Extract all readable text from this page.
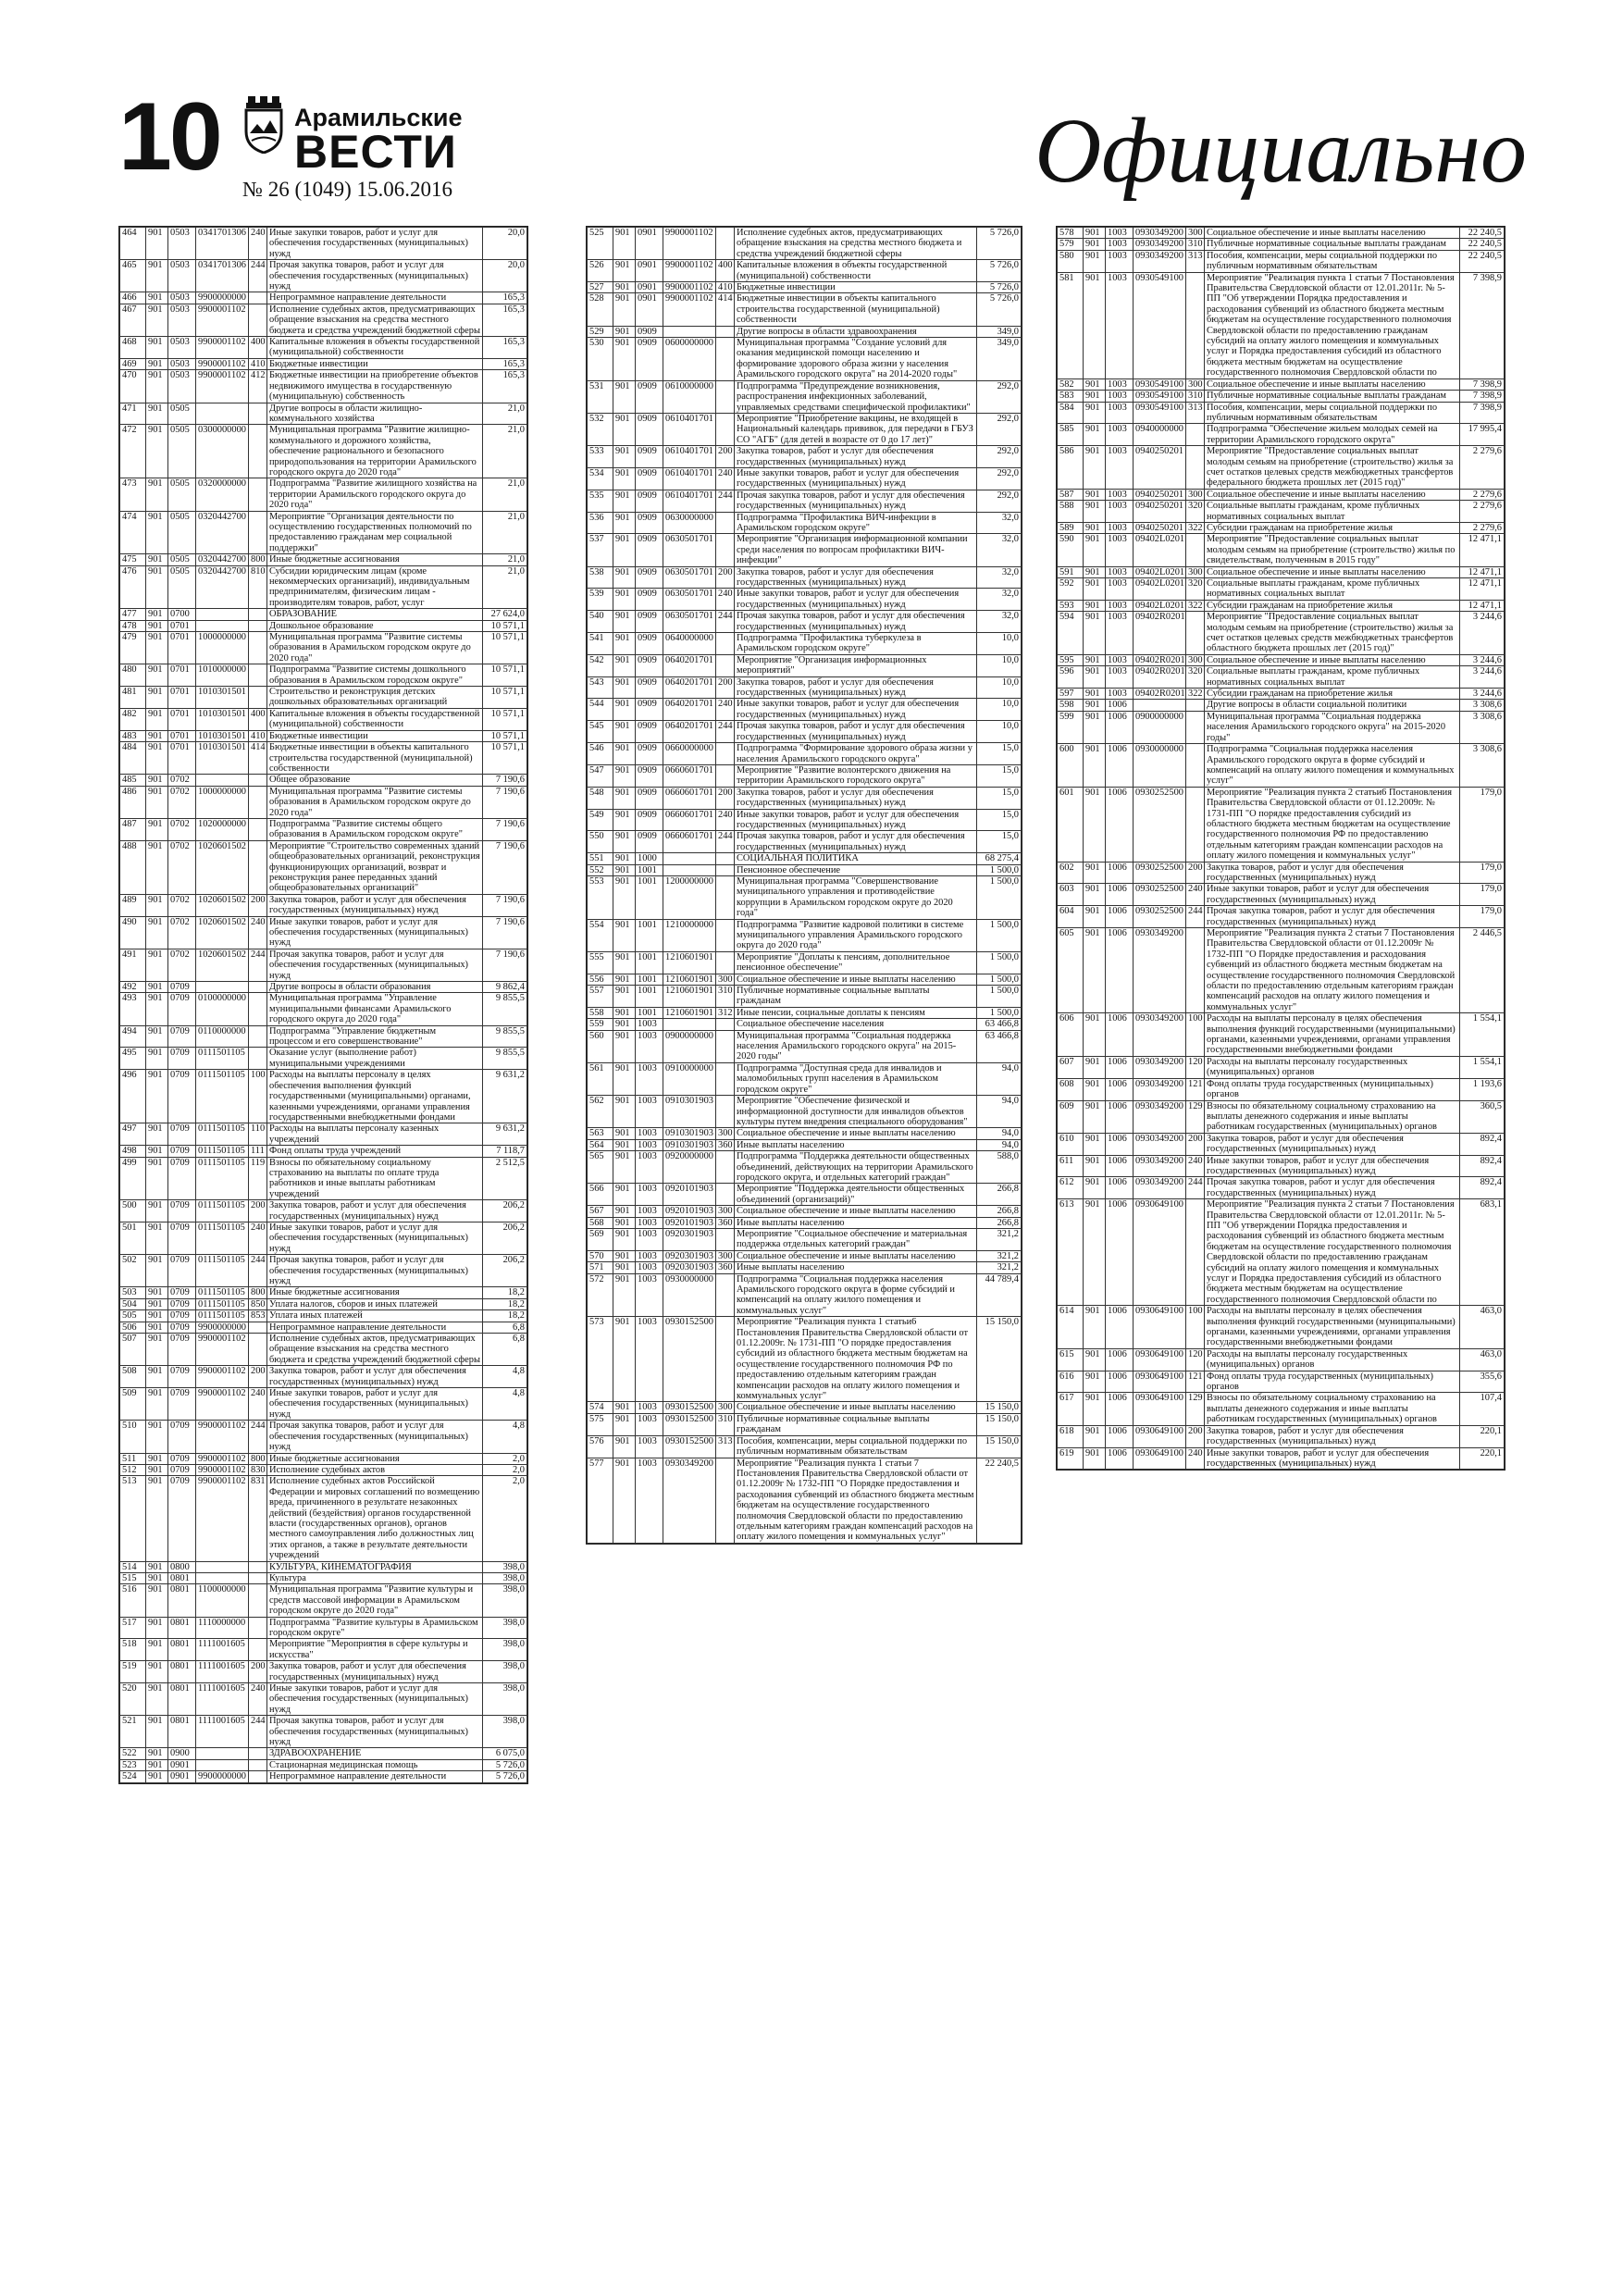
10	Арамильские
ВЕСТИ
№ 26 (1049) 15.06.2016	Официально
464	901	0503	0341701306	240	Иные закупки товаров, работ и услуг для обеспечения государственных (муниципальных) нужд	20,0
465	901	0503	0341701306	244	Прочая закупка товаров, работ и услуг для обеспечения государственных (муниципальных) нужд	20,0
466	901	0503	9900000000		Непрограммное направление деятельности	165,3
467	901	0503	9900001102		Исполнение судебных актов, предусматривающих обращение взыскания на средства местного бюджета и средства учреждений бюджетной сферы	165,3
468	901	0503	9900001102	400	Капитальные вложения в объекты государственной (муниципальной) собственности	165,3
469	901	0503	9900001102	410	Бюджетные инвестиции	165,3
470	901	0503	9900001102	412	Бюджетные инвестиции на приобретение объектов недвижимого имущества в государственную (муниципальную) собственность	165,3
471	901	0505			Другие вопросы в области жилищно-коммунального хозяйства	21,0
472	901	0505	0300000000		Муниципальная программа "Развитие жилищно-коммунального и дорожного хозяйства, обеспечение рационального и безопасного природопользования на территории Арамильского городского округа до 2020 года"	21,0
473	901	0505	0320000000		Подпрограмма "Развитие жилищного хозяйства на территории Арамильского городского округа до 2020 года"	21,0
474	901	0505	0320442700		Мероприятие "Организация деятельности по осуществлению государственных полномочий по предоставлению гражданам мер социальной поддержки"	21,0
475	901	0505	0320442700	800	Иные бюджетные ассигнования	21,0
476	901	0505	0320442700	810	Субсидии юридическим лицам (кроме некоммерческих организаций), индивидуальным предпринимателям, физическим лицам - производителям товаров, работ, услуг	21,0
477	901	0700			ОБРАЗОВАНИЕ	27 624,0
478	901	0701			Дошкольное образование	10 571,1
479	901	0701	1000000000		Муниципальная программа "Развитие системы образования в Арамильском городском округе до 2020 года"	10 571,1
480	901	0701	1010000000		Подпрограмма "Развитие системы дошкольного образования в Арамильском городском округе"	10 571,1
481	901	0701	1010301501		Строительство и реконструкция детских дошкольных образовательных организаций	10 571,1
482	901	0701	1010301501	400	Капитальные вложения в объекты государственной (муниципальной) собственности	10 571,1
483	901	0701	1010301501	410	Бюджетные инвестиции	10 571,1
484	901	0701	1010301501	414	Бюджетные инвестиции в объекты капитального строительства государственной (муниципальной) собственности	10 571,1
485	901	0702			Общее образование	7 190,6
486	901	0702	1000000000		Муниципальная программа "Развитие системы образования в Арамильском городском округе до 2020 года"	7 190,6
487	901	0702	1020000000		Подпрограмма "Развитие системы общего образования в Арамильском городском округе"	7 190,6
488	901	0702	1020601502		Мероприятие "Строительство современных зданий общеобразовательных организаций, реконструкция функционирующих организаций, возврат и реконструкция ранее переданных зданий общеобразовательных организаций"	7 190,6
489	901	0702	1020601502	200	Закупка товаров, работ и услуг для обеспечения государственных (муниципальных) нужд	7 190,6
490	901	0702	1020601502	240	Иные закупки товаров, работ и услуг для обеспечения государственных (муниципальных) нужд	7 190,6
491	901	0702	1020601502	244	Прочая закупка товаров, работ и услуг для обеспечения государственных (муниципальных) нужд	7 190,6
492	901	0709			Другие вопросы в области образования	9 862,4
493	901	0709	0100000000		Муниципальная программа "Управление муниципальными финансами Арамильского городского округа до 2020 года"	9 855,5
494	901	0709	0110000000		Подпрограмма "Управление бюджетным процессом и его совершенствование"	9 855,5
495	901	0709	0111501105		Оказание услуг (выполнение работ) муниципальными учреждениями	9 855,5
496	901	0709	0111501105	100	Расходы на выплаты персоналу в целях обеспечения выполнения функций государственными (муниципальными) органами, казенными учреждениями, органами управления государственными внебюджетными фондами	9 631,2
497	901	0709	0111501105	110	Расходы на выплаты персоналу казенных учреждений	9 631,2
498	901	0709	0111501105	111	Фонд оплаты труда учреждений	7 118,7
499	901	0709	0111501105	119	Взносы по обязательному социальному страхованию на выплаты по оплате труда работников и иные выплаты работникам учреждений	2 512,5
500	901	0709	0111501105	200	Закупка товаров, работ и услуг для обеспечения государственных (муниципальных) нужд	206,2
501	901	0709	0111501105	240	Иные закупки товаров, работ и услуг для обеспечения государственных (муниципальных) нужд	206,2
502	901	0709	0111501105	244	Прочая закупка товаров, работ и услуг для обеспечения государственных (муниципальных) нужд	206,2
503	901	0709	0111501105	800	Иные бюджетные ассигнования	18,2
504	901	0709	0111501105	850	Уплата налогов, сборов и иных платежей	18,2
505	901	0709	0111501105	853	Уплата иных платежей	18,2
506	901	0709	9900000000		Непрограммное направление деятельности	6,8
507	901	0709	9900001102		Исполнение судебных актов, предусматривающих обращение взыскания на средства местного бюджета и средства учреждений бюджетной сферы	6,8
508	901	0709	9900001102	200	Закупка товаров, работ и услуг для обеспечения государственных (муниципальных) нужд	4,8
509	901	0709	9900001102	240	Иные закупки товаров, работ и услуг для обеспечения государственных (муниципальных) нужд	4,8
510	901	0709	9900001102	244	Прочая закупка товаров, работ и услуг для обеспечения государственных (муниципальных) нужд	4,8
511	901	0709	9900001102	800	Иные бюджетные ассигнования	2,0
512	901	0709	9900001102	830	Исполнение судебных актов	2,0
513	901	0709	9900001102	831	Исполнение судебных актов Российской Федерации и мировых соглашений по возмещению вреда, причиненного в результате незаконных действий (бездействия) органов государственной власти (государственных органов), органов местного самоуправления либо должностных лиц этих органов, а также в результате деятельности учреждений	2,0
514	901	0800			КУЛЬТУРА, КИНЕМАТОГРАФИЯ	398,0
515	901	0801			Культура	398,0
516	901	0801	1100000000		Муниципальная программа "Развитие культуры и средств массовой информации в Арамильском городском округе до 2020 года"	398,0
517	901	0801	1110000000		Подпрограмма "Развитие культуры в Арамильском городском округе"	398,0
518	901	0801	1111001605		Мероприятие "Мероприятия в сфере культуры и искусства"	398,0
519	901	0801	1111001605	200	Закупка товаров, работ и услуг для обеспечения государственных (муниципальных) нужд	398,0
520	901	0801	1111001605	240	Иные закупки товаров, работ и услуг для обеспечения государственных (муниципальных) нужд	398,0
521	901	0801	1111001605	244	Прочая закупка товаров, работ и услуг для обеспечения государственных (муниципальных) нужд	398,0
522	901	0900			ЗДРАВООХРАНЕНИЕ	6 075,0
523	901	0901			Стационарная медицинская помощь	5 726,0
524	901	0901	9900000000		Непрограммное направление деятельности	5 726,0
525	901	0901	9900001102		Исполнение судебных актов, предусматривающих обращение взыскания на средства местного бюджета и средства учреждений бюджетной сферы	5 726,0
526	901	0901	9900001102	400	Капитальные вложения в объекты государственной (муниципальной) собственности	5 726,0
527	901	0901	9900001102	410	Бюджетные инвестиции	5 726,0
528	901	0901	9900001102	414	Бюджетные инвестиции в объекты капитального строительства государственной (муниципальной) собственности	5 726,0
529	901	0909			Другие вопросы в области здравоохранения	349,0
530	901	0909	0600000000		Муниципальная программа "Создание условий для оказания медицинской помощи населению и формирование здорового образа жизни у населения Арамильского городского округа" на 2014-2020 годы"	349,0
531	901	0909	0610000000		Подпрограмма "Предупреждение возникновения, распространения инфекционных заболеваний, управляемых средствами специфической профилактики"	292,0
532	901	0909	0610401701		Мероприятие "Приобретение вакцины, не входящей в Национальный календарь прививок, для передачи в ГБУЗ СО "АГБ" (для детей в возрасте от 0 до 17 лет)"	292,0
533	901	0909	0610401701	200	Закупка товаров, работ и услуг для обеспечения государственных (муниципальных) нужд	292,0
534	901	0909	0610401701	240	Иные закупки товаров, работ и услуг для обеспечения государственных (муниципальных) нужд	292,0
535	901	0909	0610401701	244	Прочая закупка товаров, работ и услуг для обеспечения государственных (муниципальных) нужд	292,0
536	901	0909	0630000000		Подпрограмма "Профилактика ВИЧ-инфекции в Арамильском городском округе"	32,0
537	901	0909	0630501701		Мероприятие "Организация информационной компании среди населения по вопросам профилактики ВИЧ-инфекции"	32,0
538	901	0909	0630501701	200	Закупка товаров, работ и услуг для обеспечения государственных (муниципальных) нужд	32,0
539	901	0909	0630501701	240	Иные закупки товаров, работ и услуг для обеспечения государственных (муниципальных) нужд	32,0
540	901	0909	0630501701	244	Прочая закупка товаров, работ и услуг для обеспечения государственных (муниципальных) нужд	32,0
541	901	0909	0640000000		Подпрограмма "Профилактика туберкулеза в Арамильском городском округе"	10,0
542	901	0909	0640201701		Мероприятие "Организация информационных мероприятий"	10,0
543	901	0909	0640201701	200	Закупка товаров, работ и услуг для обеспечения государственных (муниципальных) нужд	10,0
544	901	0909	0640201701	240	Иные закупки товаров, работ и услуг для обеспечения государственных (муниципальных) нужд	10,0
545	901	0909	0640201701	244	Прочая закупка товаров, работ и услуг для обеспечения государственных (муниципальных) нужд	10,0
546	901	0909	0660000000		Подпрограмма "Формирование здорового образа жизни у населения Арамильского городского округа"	15,0
547	901	0909	0660601701		Мероприятие "Развитие волонтерского движения на территории Арамильского городского округа"	15,0
548	901	0909	0660601701	200	Закупка товаров, работ и услуг для обеспечения государственных (муниципальных) нужд	15,0
549	901	0909	0660601701	240	Иные закупки товаров, работ и услуг для обеспечения государственных (муниципальных) нужд	15,0
550	901	0909	0660601701	244	Прочая закупка товаров, работ и услуг для обеспечения государственных (муниципальных) нужд	15,0
551	901	1000			СОЦИАЛЬНАЯ ПОЛИТИКА	68 275,4
552	901	1001			Пенсионное обеспечение	1 500,0
553	901	1001	1200000000		Муниципальная программа "Совершенствование муниципального управления и противодействие коррупции в Арамильском городском округе до 2020 года"	1 500,0
554	901	1001	1210000000		Подпрограмма "Развитие кадровой политики в системе муниципального управления Арамильского городского округа до 2020 года"	1 500,0
555	901	1001	1210601901		Мероприятие "Доплаты к пенсиям, дополнительное пенсионное обеспечение"	1 500,0
556	901	1001	1210601901	300	Социальное обеспечение и иные выплаты населению	1 500,0
557	901	1001	1210601901	310	Публичные нормативные социальные выплаты гражданам	1 500,0
558	901	1001	1210601901	312	Иные пенсии, социальные доплаты к пенсиям	1 500,0
559	901	1003			Социальное обеспечение населения	63 466,8
560	901	1003	0900000000		Муниципальная программа "Социальная поддержка населения Арамильского городского округа" на 2015-2020 годы"	63 466,8
561	901	1003	0910000000		Подпрограмма "Доступная среда для инвалидов и маломобильных групп населения в Арамильском городском округе"	94,0
562	901	1003	0910301903		Мероприятие "Обеспечение физической и информационной доступности для инвалидов объектов культуры путем внедрения специального оборудования"	94,0
563	901	1003	0910301903	300	Социальное обеспечение и иные выплаты населению	94,0
564	901	1003	0910301903	360	Иные выплаты населению	94,0
565	901	1003	0920000000		Подпрограмма "Поддержка деятельности общественных объединений, действующих на территории Арамильского городского округа, и отдельных категорий граждан"	588,0
566	901	1003	0920101903		Мероприятие "Поддержка деятельности общественных объединений (организаций)"	266,8
567	901	1003	0920101903	300	Социальное обеспечение и иные выплаты населению	266,8
568	901	1003	0920101903	360	Иные выплаты населению	266,8
569	901	1003	0920301903		Мероприятие "Социальное обеспечение и материальная поддержка отдельных категорий граждан"	321,2
570	901	1003	0920301903	300	Социальное обеспечение и иные выплаты населению	321,2
571	901	1003	0920301903	360	Иные выплаты населению	321,2
572	901	1003	0930000000		Подпрограмма "Социальная поддержка населения Арамильского городского округа в форме субсидий и компенсаций на оплату жилого помещения и коммунальных услуг"	44 789,4
573	901	1003	0930152500		Мероприятие "Реализация пункта 1 статьи6 Постановления Правительства Свердловской области от 01.12.2009г. № 1731-ПП "О порядке предоставления субсидий из областного бюджета местным бюджетам на осуществление государственного полномочия РФ по предоставлению отдельным категориям граждан компенсации расходов на оплату жилого помещения и коммунальных услуг"	15 150,0
574	901	1003	0930152500	300	Социальное обеспечение и иные выплаты населению	15 150,0
575	901	1003	0930152500	310	Публичные нормативные социальные выплаты гражданам	15 150,0
576	901	1003	0930152500	313	Пособия, компенсации, меры социальной поддержки по публичным нормативным обязательствам	15 150,0
577	901	1003	0930349200		Мероприятие "Реализация пункта 1 статьи 7 Постановления Правительства Свердловской области от 01.12.2009г № 1732-ПП "О Порядке предоставления и расходования субвенций из областного бюджета местным бюджетам на осуществление государственного полномочия Свердловской области по предоставлению отдельным категориям граждан компенсаций расходов на оплату жилого помещения и коммунальных услуг"	22 240,5
578	901	1003	0930349200	300	Социальное обеспечение и иные выплаты населению	22 240,5
579	901	1003	0930349200	310	Публичные нормативные социальные выплаты гражданам	22 240,5
580	901	1003	0930349200	313	Пособия, компенсации, меры социальной поддержки по публичным нормативным обязательствам	22 240,5
581	901	1003	0930549100		Мероприятие "Реализация пункта 1 статьи 7 Постановления Правительства Свердловской области от 12.01.2011г. № 5-ПП "Об утверждении Порядка предоставления и расходования субвенций из областного бюджета местным бюджетам на осуществление государственного полномочия Свердловской области по предоставлению гражданам субсидий на оплату жилого помещения и коммунальных услуг и Порядка предоставления субсидий из областного бюджета местным бюджетам на осуществление государственного полномочия Свердловской области по	7 398,9
582	901	1003	0930549100	300	Социальное обеспечение и иные выплаты населению	7 398,9
583	901	1003	0930549100	310	Публичные нормативные социальные выплаты гражданам	7 398,9
584	901	1003	0930549100	313	Пособия, компенсации, меры социальной поддержки по публичным нормативным обязательствам	7 398,9
585	901	1003	0940000000		Подпрограмма "Обеспечение жильем молодых семей на территории Арамильского городского округа"	17 995,4
586	901	1003	0940250201		Мероприятие "Предоставление социальных выплат молодым семьям на приобретение (строительство) жилья за счет остатков целевых средств межбюджетных трансфертов федерального бюджета прошлых лет (2015 год)"	2 279,6
587	901	1003	0940250201	300	Социальное обеспечение и иные выплаты населению	2 279,6
588	901	1003	0940250201	320	Социальные выплаты гражданам, кроме публичных нормативных социальных выплат	2 279,6
589	901	1003	0940250201	322	Субсидии гражданам на приобретение жилья	2 279,6
590	901	1003	09402L0201		Мероприятие "Предоставление социальных выплат молодым семьям на приобретение (строительство) жилья по свидетельствам, полученным в 2015 году"	12 471,1
591	901	1003	09402L0201	300	Социальное обеспечение и иные выплаты населению	12 471,1
592	901	1003	09402L0201	320	Социальные выплаты гражданам, кроме публичных нормативных социальных выплат	12 471,1
593	901	1003	09402L0201	322	Субсидии гражданам на приобретение жилья	12 471,1
594	901	1003	09402R0201		Мероприятие "Предоставление социальных выплат молодым семьям на приобретение (строительство) жилья за счет остатков целевых средств межбюджетных трансфертов областного бюджета прошлых лет (2015 год)"	3 244,6
595	901	1003	09402R0201	300	Социальное обеспечение и иные выплаты населению	3 244,6
596	901	1003	09402R0201	320	Социальные выплаты гражданам, кроме публичных нормативных социальных выплат	3 244,6
597	901	1003	09402R0201	322	Субсидии гражданам на приобретение жилья	3 244,6
598	901	1006			Другие вопросы в области социальной политики	3 308,6
599	901	1006	0900000000		Муниципальная программа "Социальная поддержка населения Арамильского городского округа" на 2015-2020 годы"	3 308,6
600	901	1006	0930000000		Подпрограмма "Социальная поддержка населения Арамильского городского округа в форме субсидий и компенсаций на оплату жилого помещения и коммунальных услуг"	3 308,6
601	901	1006	0930252500		Мероприятие "Реализация пункта 2 статьи6 Постановления Правительства Свердловской области от 01.12.2009г. № 1731-ПП "О порядке предоставления субсидий из областного бюджета местным бюджетам на осуществление государственного полномочия РФ по предоставлению отдельным категориям граждан компенсации расходов на оплату жилого помещения и коммунальных услуг"	179,0
602	901	1006	0930252500	200	Закупка товаров, работ и услуг для обеспечения государственных (муниципальных) нужд	179,0
603	901	1006	0930252500	240	Иные закупки товаров, работ и услуг для обеспечения государственных (муниципальных) нужд	179,0
604	901	1006	0930252500	244	Прочая закупка товаров, работ и услуг для обеспечения государственных (муниципальных) нужд	179,0
605	901	1006	0930349200		Мероприятие "Реализация пункта 2 статьи 7 Постановления Правительства Свердловской области от 01.12.2009г № 1732-ПП "О Порядке предоставления и расходования субвенций из областного бюджета местным бюджетам на осуществление государственного полномочия Свердловской области по предоставлению отдельным категориям граждан компенсаций расходов на оплату жилого помещения и коммунальных услуг"	2 446,5
606	901	1006	0930349200	100	Расходы на выплаты персоналу в целях обеспечения выполнения функций государственными (муниципальными) органами, казенными учреждениями, органами управления государственными внебюджетными фондами	1 554,1
607	901	1006	0930349200	120	Расходы на выплаты персоналу государственных (муниципальных) органов	1 554,1
608	901	1006	0930349200	121	Фонд оплаты труда государственных (муниципальных) органов	1 193,6
609	901	1006	0930349200	129	Взносы по обязательному социальному страхованию на выплаты денежного содержания и иные выплаты работникам государственных (муниципальных) органов	360,5
610	901	1006	0930349200	200	Закупка товаров, работ и услуг для обеспечения государственных (муниципальных) нужд	892,4
611	901	1006	0930349200	240	Иные закупки товаров, работ и услуг для обеспечения государственных (муниципальных) нужд	892,4
612	901	1006	0930349200	244	Прочая закупка товаров, работ и услуг для обеспечения государственных (муниципальных) нужд	892,4
613	901	1006	0930649100		Мероприятие "Реализация пункта 2 статьи 7 Постановления Правительства Свердловской области от 12.01.2011г. № 5-ПП "Об утверждении Порядка предоставления и расходования субвенций из областного бюджета местным бюджетам на осуществление государственного полномочия Свердловской области по предоставлению гражданам субсидий на оплату жилого помещения и коммунальных услуг и Порядка предоставления субсидий из областного бюджета местным бюджетам на осуществление государственного полномочия Свердловской области по	683,1
614	901	1006	0930649100	100	Расходы на выплаты персоналу в целях обеспечения выполнения функций государственными (муниципальными) органами, казенными учреждениями, органами управления государственными внебюджетными фондами	463,0
615	901	1006	0930649100	120	Расходы на выплаты персоналу государственных (муниципальных) органов	463,0
616	901	1006	0930649100	121	Фонд оплаты труда государственных (муниципальных) органов	355,6
617	901	1006	0930649100	129	Взносы по обязательному социальному страхованию на выплаты денежного содержания и иные выплаты работникам государственных (муниципальных) органов	107,4
618	901	1006	0930649100	200	Закупка товаров, работ и услуг для обеспечения государственных (муниципальных) нужд	220,1
619	901	1006	0930649100	240	Иные закупки товаров, работ и услуг для обеспечения государственных (муниципальных) нужд	220,1
